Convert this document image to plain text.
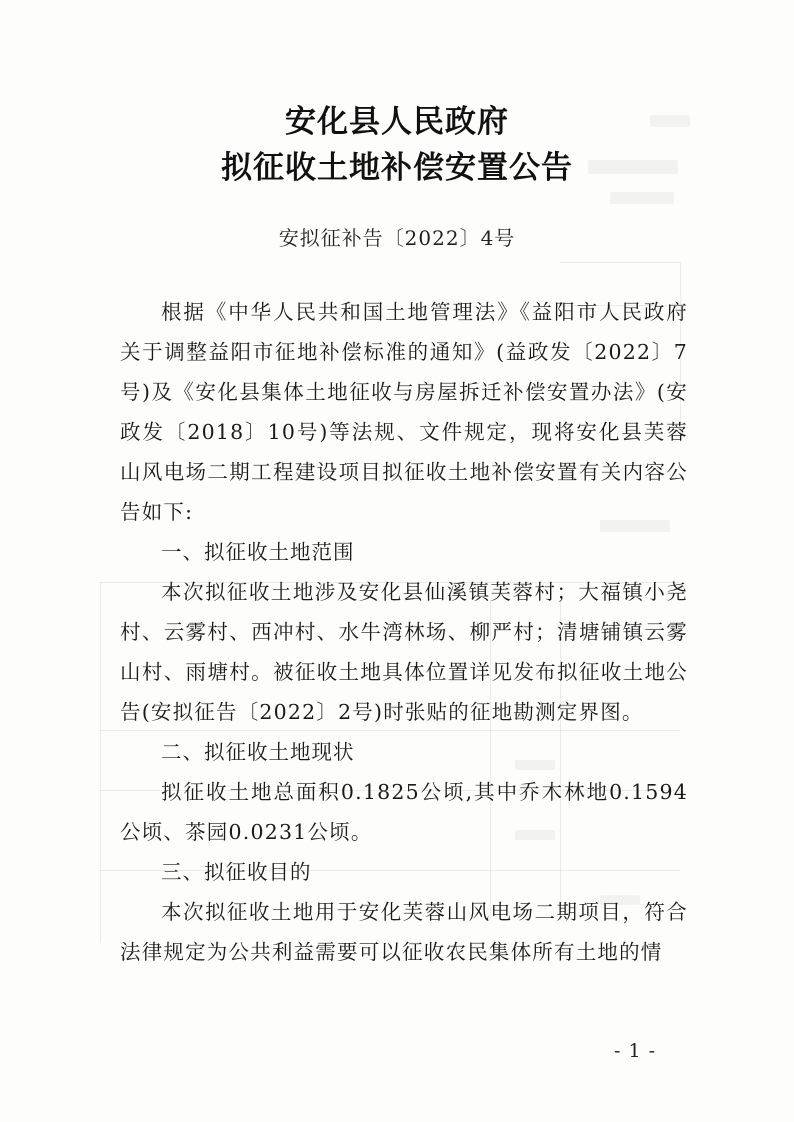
安化县人民政府
拟征收土地补偿安置公告
安拟征补告〔2022〕4号

根据《中华人民共和国土地管理法》《益阳市人民政府关于调整益阳市征地补偿标准的通知》(益政发〔2022〕7号)及《安化县集体土地征收与房屋拆迁补偿安置办法》(安政发〔2018〕10号)等法规、文件规定，现将安化县芙蓉山风电场二期工程建设项目拟征收土地补偿安置有关内容公告如下:

一、拟征收土地范围

本次拟征收土地涉及安化县仙溪镇芙蓉村；大福镇小尧村、云雾村、西冲村、水牛湾林场、柳严村；清塘铺镇云雾山村、雨塘村。被征收土地具体位置详见发布拟征收土地公告(安拟征告〔2022〕2号)时张贴的征地勘测定界图。

二、拟征收土地现状

拟征收土地总面积0.1825公顷,其中乔木林地0.1594公顷、茶园0.0231公顷。

三、拟征收目的

本次拟征收土地用于安化芙蓉山风电场二期项目，符合法律规定为公共利益需要可以征收农民集体所有土地的情

- 1 -
